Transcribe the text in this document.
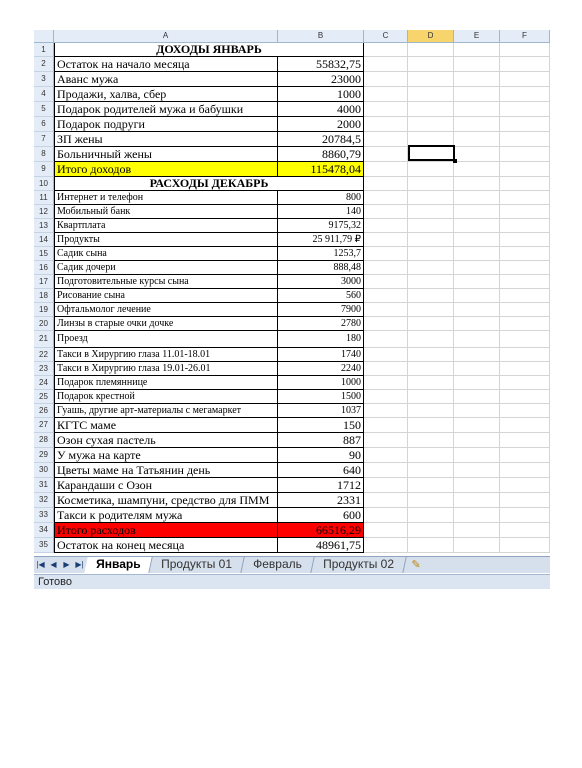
A	B	C	D	E	F
1	ДОХОДЫ ЯНВАРЬ
2 Остаток на начало месяца	55832,75
3 Аванс мужа	23000
4 Продажи, халва, сбер	1000
5 Подарок родителей мужа и бабушки	4000
6 Подарок подруги	2000
7 ЗП жены	20784,5
8 Больничный жены	8860,79
9 Итого доходов	115478,04
10	РАСХОДЫ ДЕКАБРЬ
11 Интернет и телефон	800
12 Мобильный банк	140
13 Квартплата	9175,32
14 Продукты	25 911,79 ₽
15 Садик сына	1253,7
16 Садик дочери	888,48
17 Подготовительные курсы сына	3000
18 Рисование сына	560
19 Офтальмолог лечение	7900
20 Линзы в старые очки дочке	2780
21 Проезд	180
22 Такси в Хирургию глаза 11.01-18.01	1740
23 Такси в Хирургию глаза 19.01-26.01	2240
24 Подарок племяннице	1000
25 Подарок крестной	1500
26 Гуашь, другие арт-материалы с мегамаркет	1037
27 КГТС маме	150
28 Озон сухая пастель	887
29 У мужа на карте	90
30 Цветы маме на Татьянин день	640
31 Карандаши с Озон	1712
32 Косметика, шампуни, средство для ПММ	2331
33 Такси к родителям мужа	600
34 Итого расходов	66516,29
35 Остаток на конец месяца	48961,75
|◀ ◀ ▶ ▶|	Январь	Продукты 01	Февраль	Продукты 02	✎
Готово
